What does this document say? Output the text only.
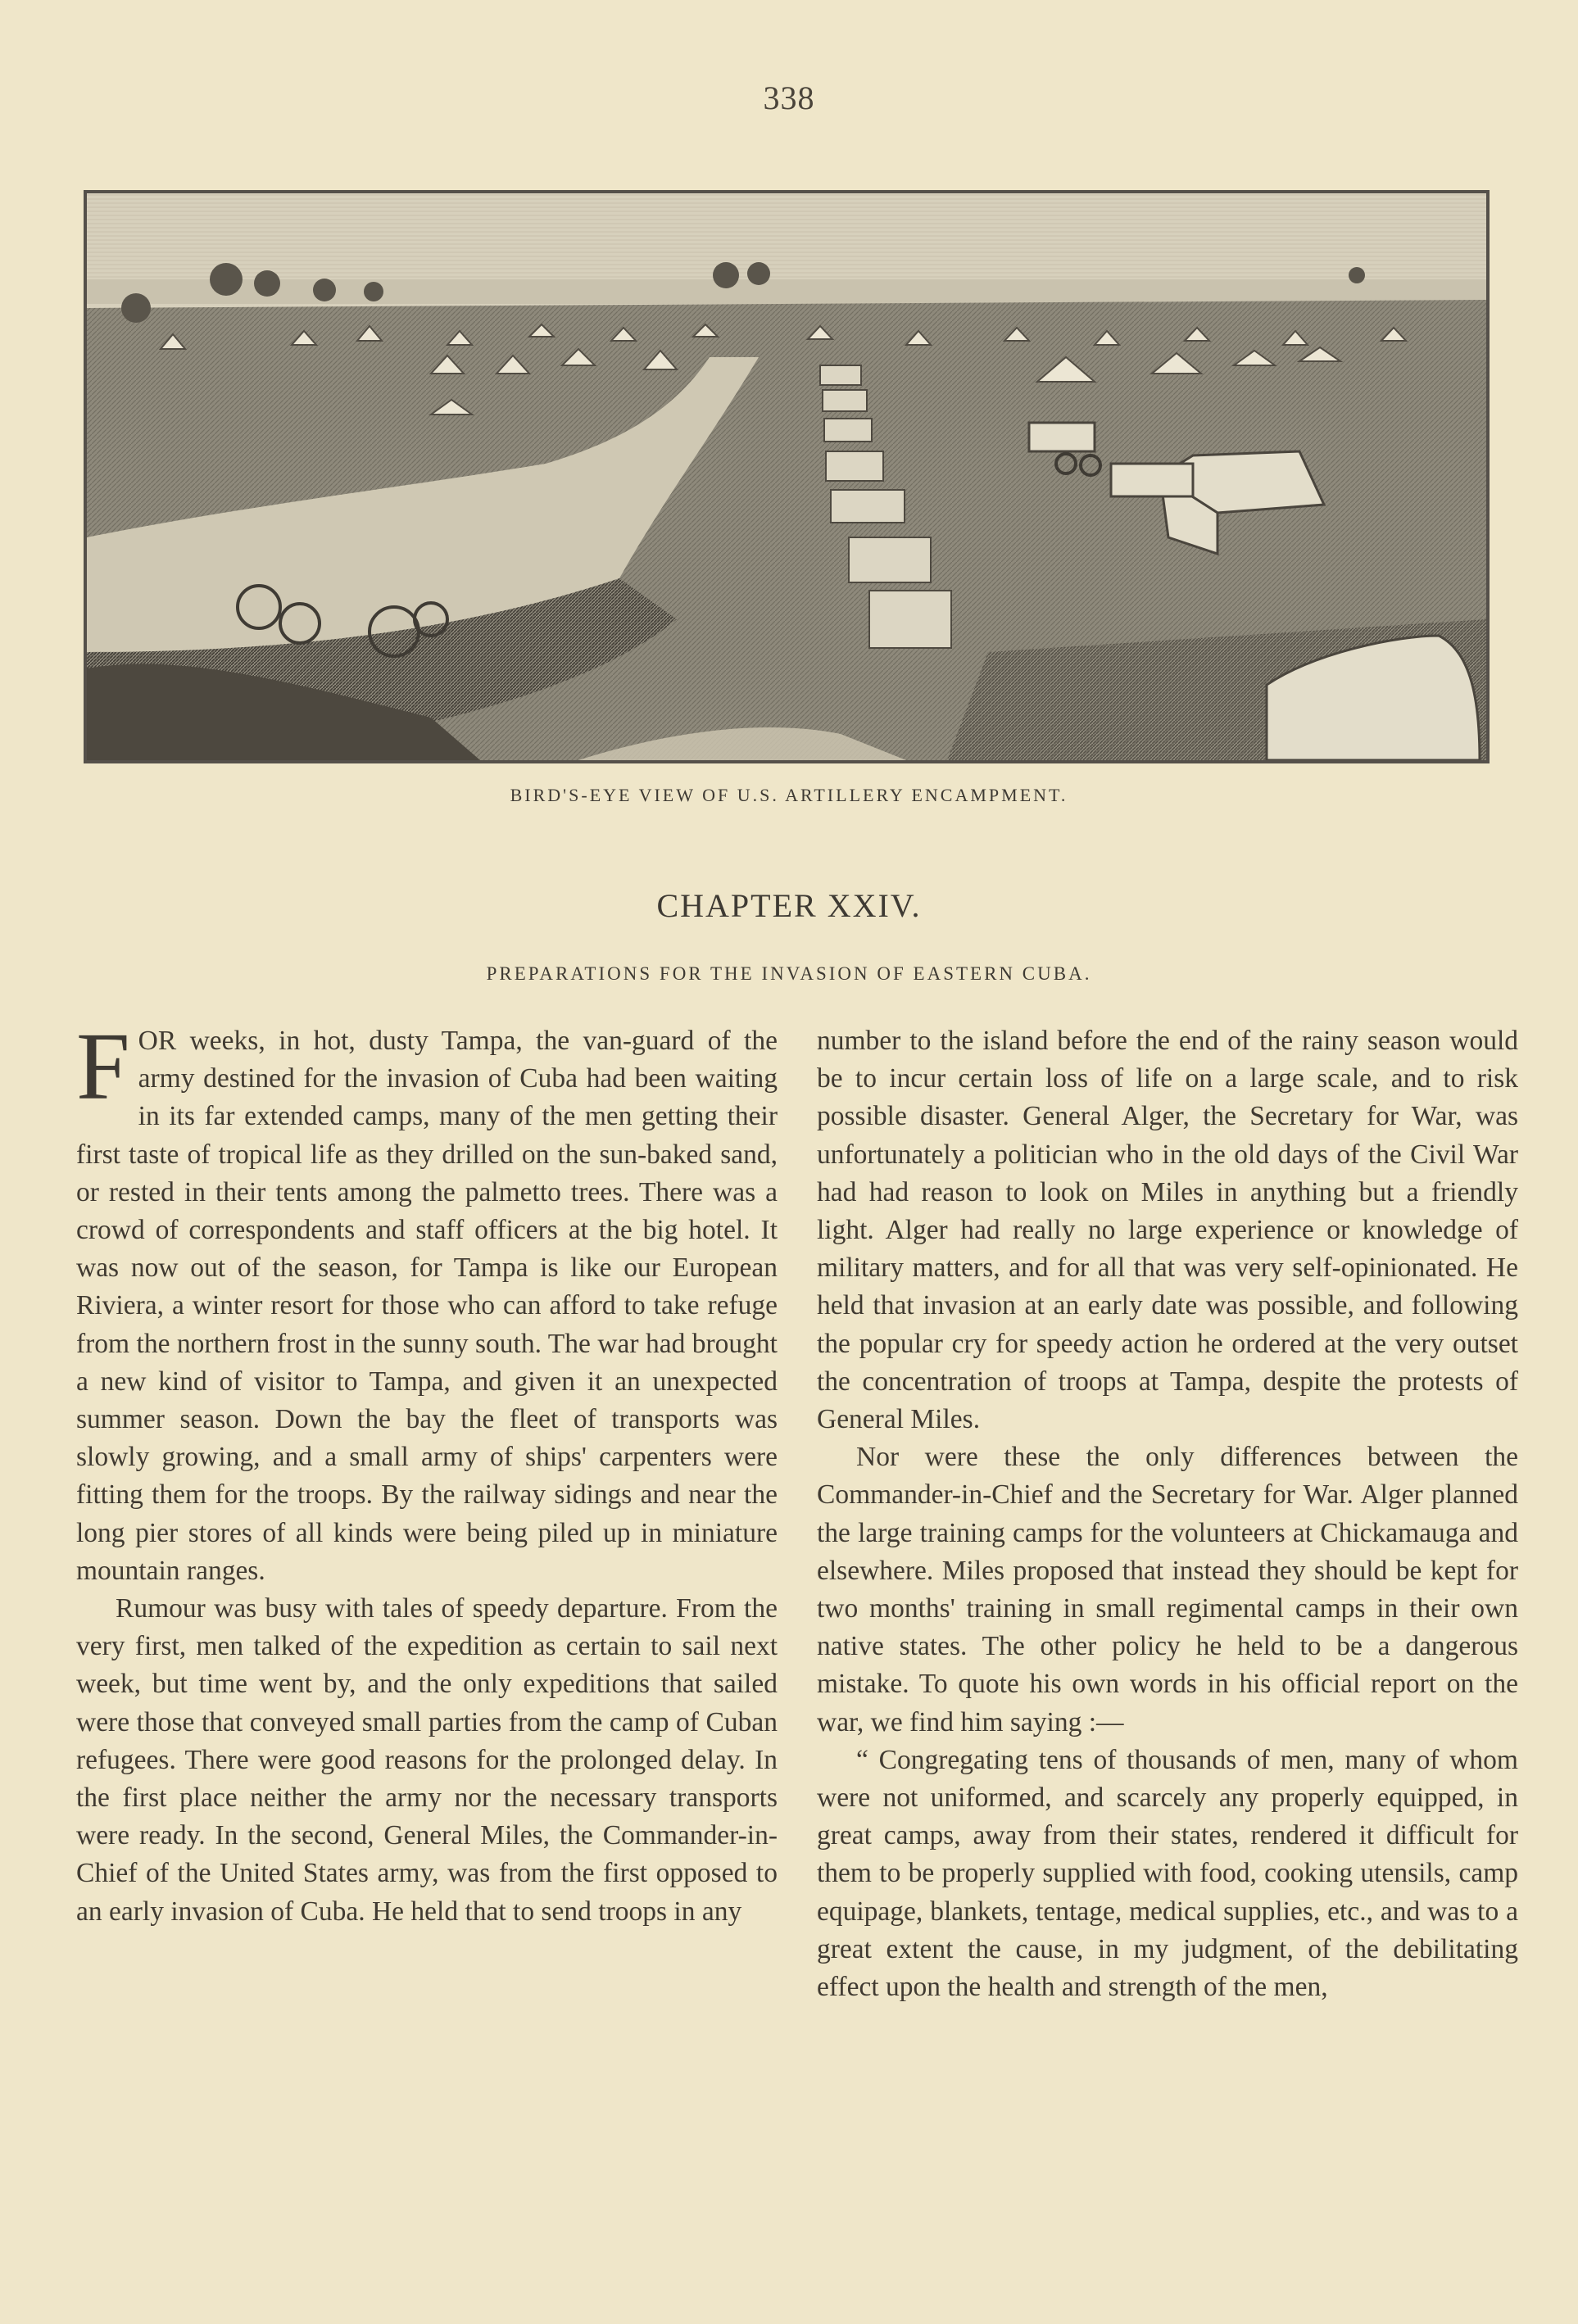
338
BIRD'S-EYE VIEW OF U.S. ARTILLERY ENCAMPMENT.
CHAPTER XXIV.
PREPARATIONS FOR THE INVASION OF EASTERN CUBA.

FOR weeks, in hot, dusty Tampa, the van-guard of the army destined for the invasion of Cuba had been waiting in its far extended camps, many of the men getting their first taste of tropical life as they drilled on the sun-baked sand, or rested in their tents among the palmetto trees. There was a crowd of correspondents and staff officers at the big hotel. It was now out of the season, for Tampa is like our European Riviera, a winter resort for those who can afford to take refuge from the northern frost in the sunny south. The war had brought a new kind of visitor to Tampa, and given it an unexpected summer season. Down the bay the fleet of transports was slowly growing, and a small army of ships' carpenters were fitting them for the troops. By the railway sidings and near the long pier stores of all kinds were being piled up in miniature mountain ranges.

Rumour was busy with tales of speedy departure. From the very first, men talked of the expedition as certain to sail next week, but time went by, and the only expeditions that sailed were those that conveyed small parties from the camp of Cuban refugees. There were good reasons for the prolonged delay. In the first place neither the army nor the necessary transports were ready. In the second, General Miles, the Commander-in-Chief of the United States army, was from the first opposed to an early invasion of Cuba. He held that to send troops in any

number to the island before the end of the rainy season would be to incur certain loss of life on a large scale, and to risk possible disaster. General Alger, the Secretary for War, was unfortunately a politician who in the old days of the Civil War had had reason to look on Miles in anything but a friendly light. Alger had really no large experience or knowledge of military matters, and for all that was very self-opinionated. He held that invasion at an early date was possible, and following the popular cry for speedy action he ordered at the very outset the concentration of troops at Tampa, despite the protests of General Miles.

Nor were these the only differences between the Commander-in-Chief and the Secretary for War. Alger planned the large training camps for the volunteers at Chickamauga and elsewhere. Miles proposed that instead they should be kept for two months' training in small regimental camps in their own native states. The other policy he held to be a dangerous mistake. To quote his own words in his official report on the war, we find him saying :—

“ Congregating tens of thousands of men, many of whom were not uniformed, and scarcely any properly equipped, in great camps, away from their states, rendered it difficult for them to be properly supplied with food, cooking utensils, camp equipage, blankets, tentage, medical supplies, etc., and was to a great extent the cause, in my judgment, of the debilitating effect upon the health and strength of the men,
